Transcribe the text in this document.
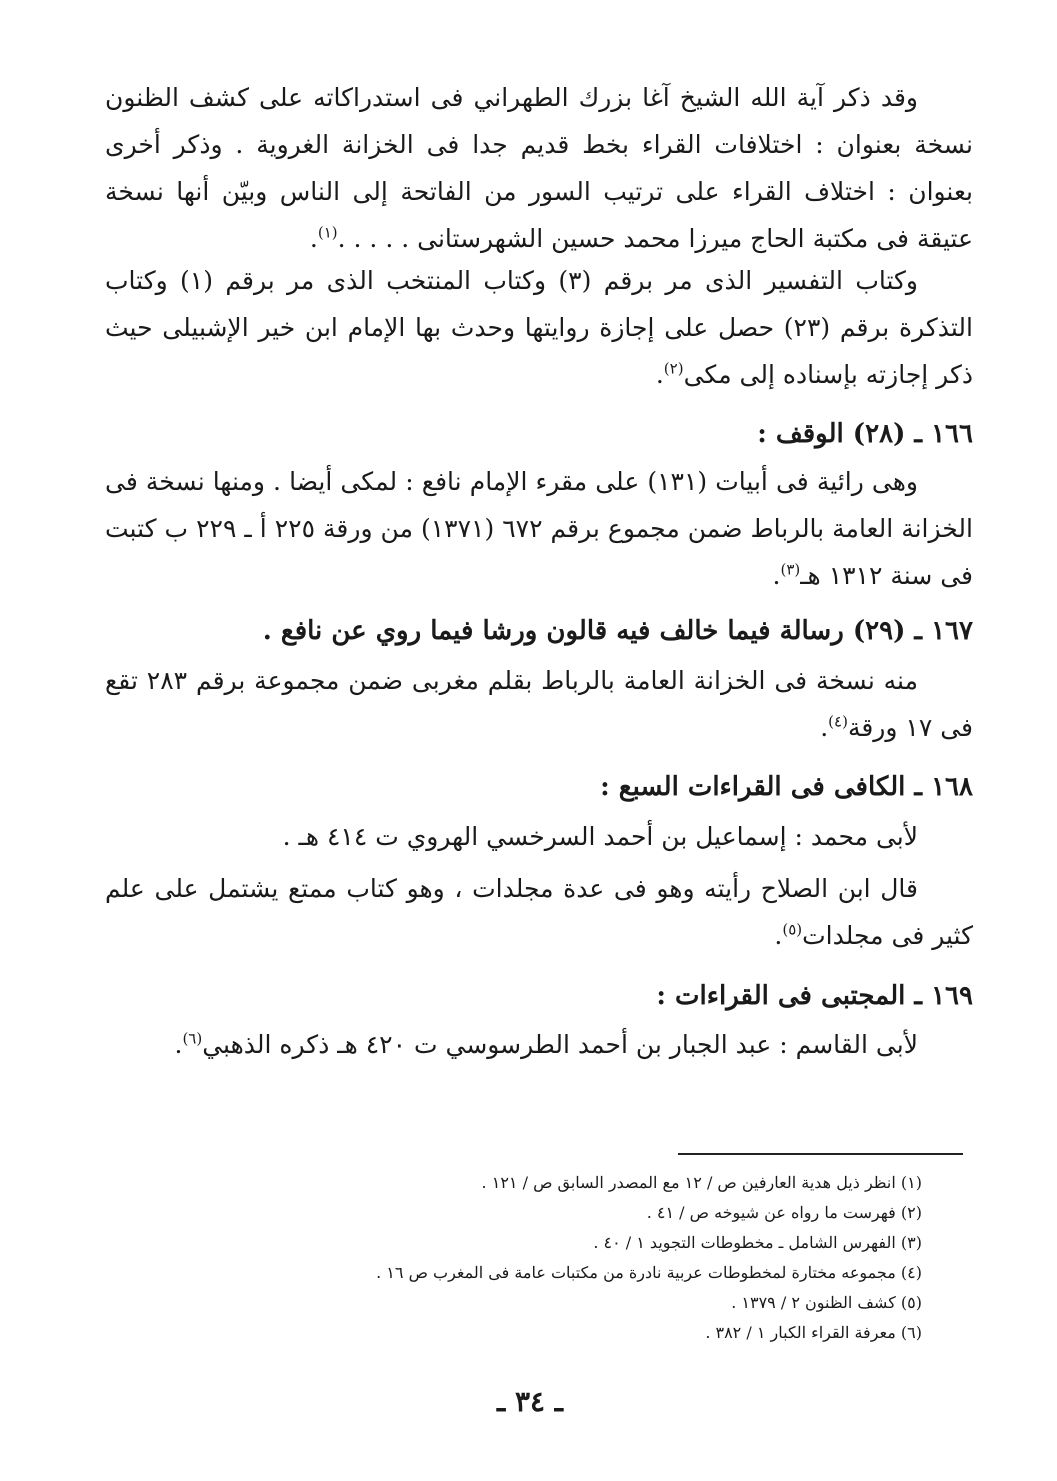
وقد ذكر آية الله الشيخ آغا بزرك الطهراني فى استدراكاته على كشف الظنون نسخة بعنوان : اختلافات القراء بخط قديم جدا فى الخزانة الغروية . وذكر أخرى بعنوان : اختلاف القراء على ترتيب السور من الفاتحة إلى الناس وبيّن أنها نسخة عتيقة فى مكتبة الحاج ميرزا محمد حسين الشهرستانى . . . . .$^{(١)}$.

وكتاب التفسير الذى مر برقم (٣) وكتاب المنتخب الذى مر برقم (١) وكتاب التذكرة برقم (٢٣) حصل على إجازة روايتها وحدث بها الإمام ابن خير الإشبيلى حيث ذكر إجازته بإسناده إلى مكى$^{(٢)}$.

١٦٦ ـ (٢٨) الوقف :

وهى رائية فى أبيات (١٣١) على مقرء الإمام نافع : لمكى أيضا . ومنها نسخة فى الخزانة العامة بالرباط ضمن مجموع برقم ٦٧٢ (١٣٧١) من ورقة ٢٢٥ أ ـ ٢٢٩ ب كتبت فى سنة ١٣١٢ هـ$^{(٣)}$.

١٦٧ ـ (٢٩) رسالة فيما خالف فيه قالون ورشا فيما روي عن نافع .

منه نسخة فى الخزانة العامة بالرباط بقلم مغربى ضمن مجموعة برقم ٢٨٣ تقع فى ١٧ ورقة$^{(٤)}$.

١٦٨ ـ الكافى فى القراءات السبع :
لأبى محمد : إسماعيل بن أحمد السرخسي الهروي ت ٤١٤ هـ .

قال ابن الصلاح رأيته وهو فى عدة مجلدات ، وهو كتاب ممتع يشتمل على علم كثير فى مجلدات$^{(٥)}$.

١٦٩ ـ المجتبى فى القراءات :
لأبى القاسم : عبد الجبار بن أحمد الطرسوسي ت ٤٢٠ هـ ذكره الذهبي$^{(٦)}$.
(١) انظر ذيل هدية العارفين ص / ١٢ مع المصدر السابق ص / ١٢١ .
(٢) فهرست ما رواه عن شيوخه ص / ٤١ .
(٣) الفهرس الشامل ـ مخطوطات التجويد ١ / ٤٠ .
(٤) مجموعه مختارة لمخطوطات عربية نادرة من مكتبات عامة فى المغرب ص ١٦ .
(٥) كشف الظنون ٢ / ١٣٧٩ .
(٦) معرفة القراء الكبار ١ / ٣٨٢ .
ـ ٣٤ ـ
